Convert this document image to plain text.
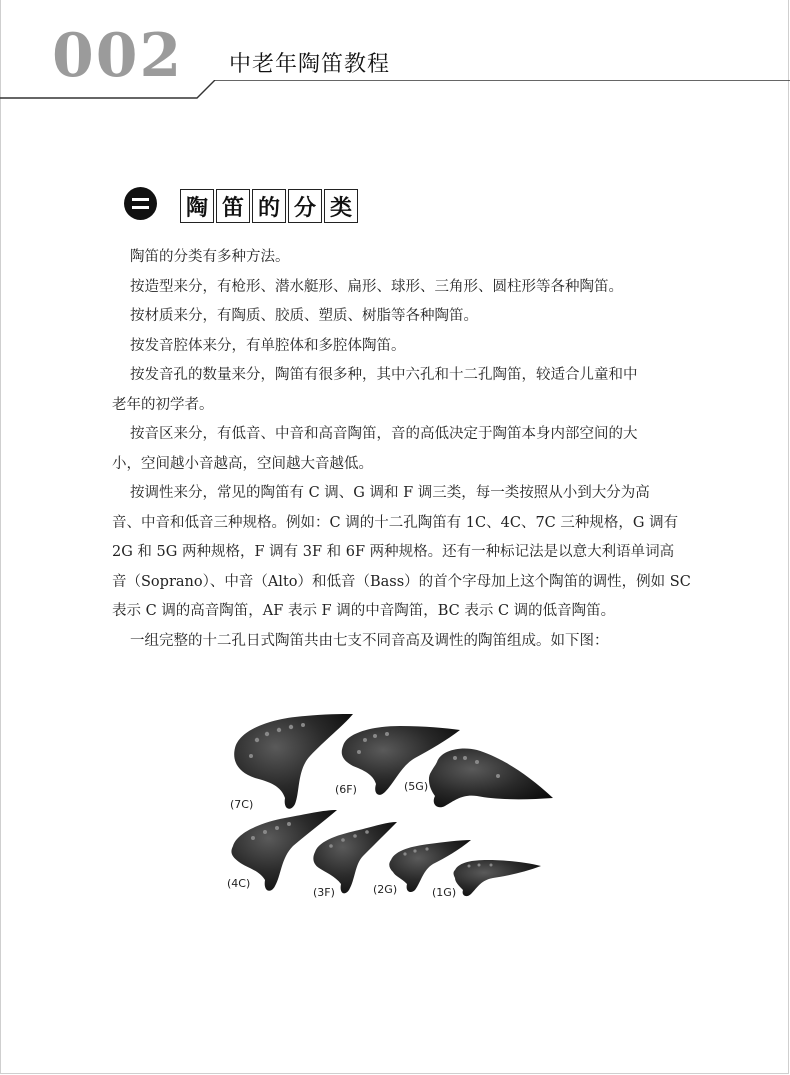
002 中老年陶笛教程
陶 笛 的 分 类
陶笛的分类有多种方法。
按造型来分，有枪形、潜水艇形、扁形、球形、三角形、圆柱形等各种陶笛。
按材质来分，有陶质、胶质、塑质、树脂等各种陶笛。
按发音腔体来分，有单腔体和多腔体陶笛。
按发音孔的数量来分，陶笛有很多种，其中六孔和十二孔陶笛，较适合儿童和中
老年的初学者。
按音区来分，有低音、中音和高音陶笛，音的高低决定于陶笛本身内部空间的大
小，空间越小音越高，空间越大音越低。
按调性来分，常见的陶笛有 C 调、G 调和 F 调三类，每一类按照从小到大分为高
音、中音和低音三种规格。例如：C 调的十二孔陶笛有 1C、4C、7C 三种规格，G 调有
2G 和 5G 两种规格，F 调有 3F 和 6F 两种规格。还有一种标记法是以意大利语单词高
音（Soprano）、中音（Alto）和低音（Bass）的首个字母加上这个陶笛的调性，例如 SC
表示 C 调的高音陶笛，AF 表示 F 调的中音陶笛，BC 表示 C 调的低音陶笛。
一组完整的十二孔日式陶笛共由七支不同音高及调性的陶笛组成。如下图：
(7C)
(6F)	(5G)
(4C)
(3F)	(2G)	(1G)
